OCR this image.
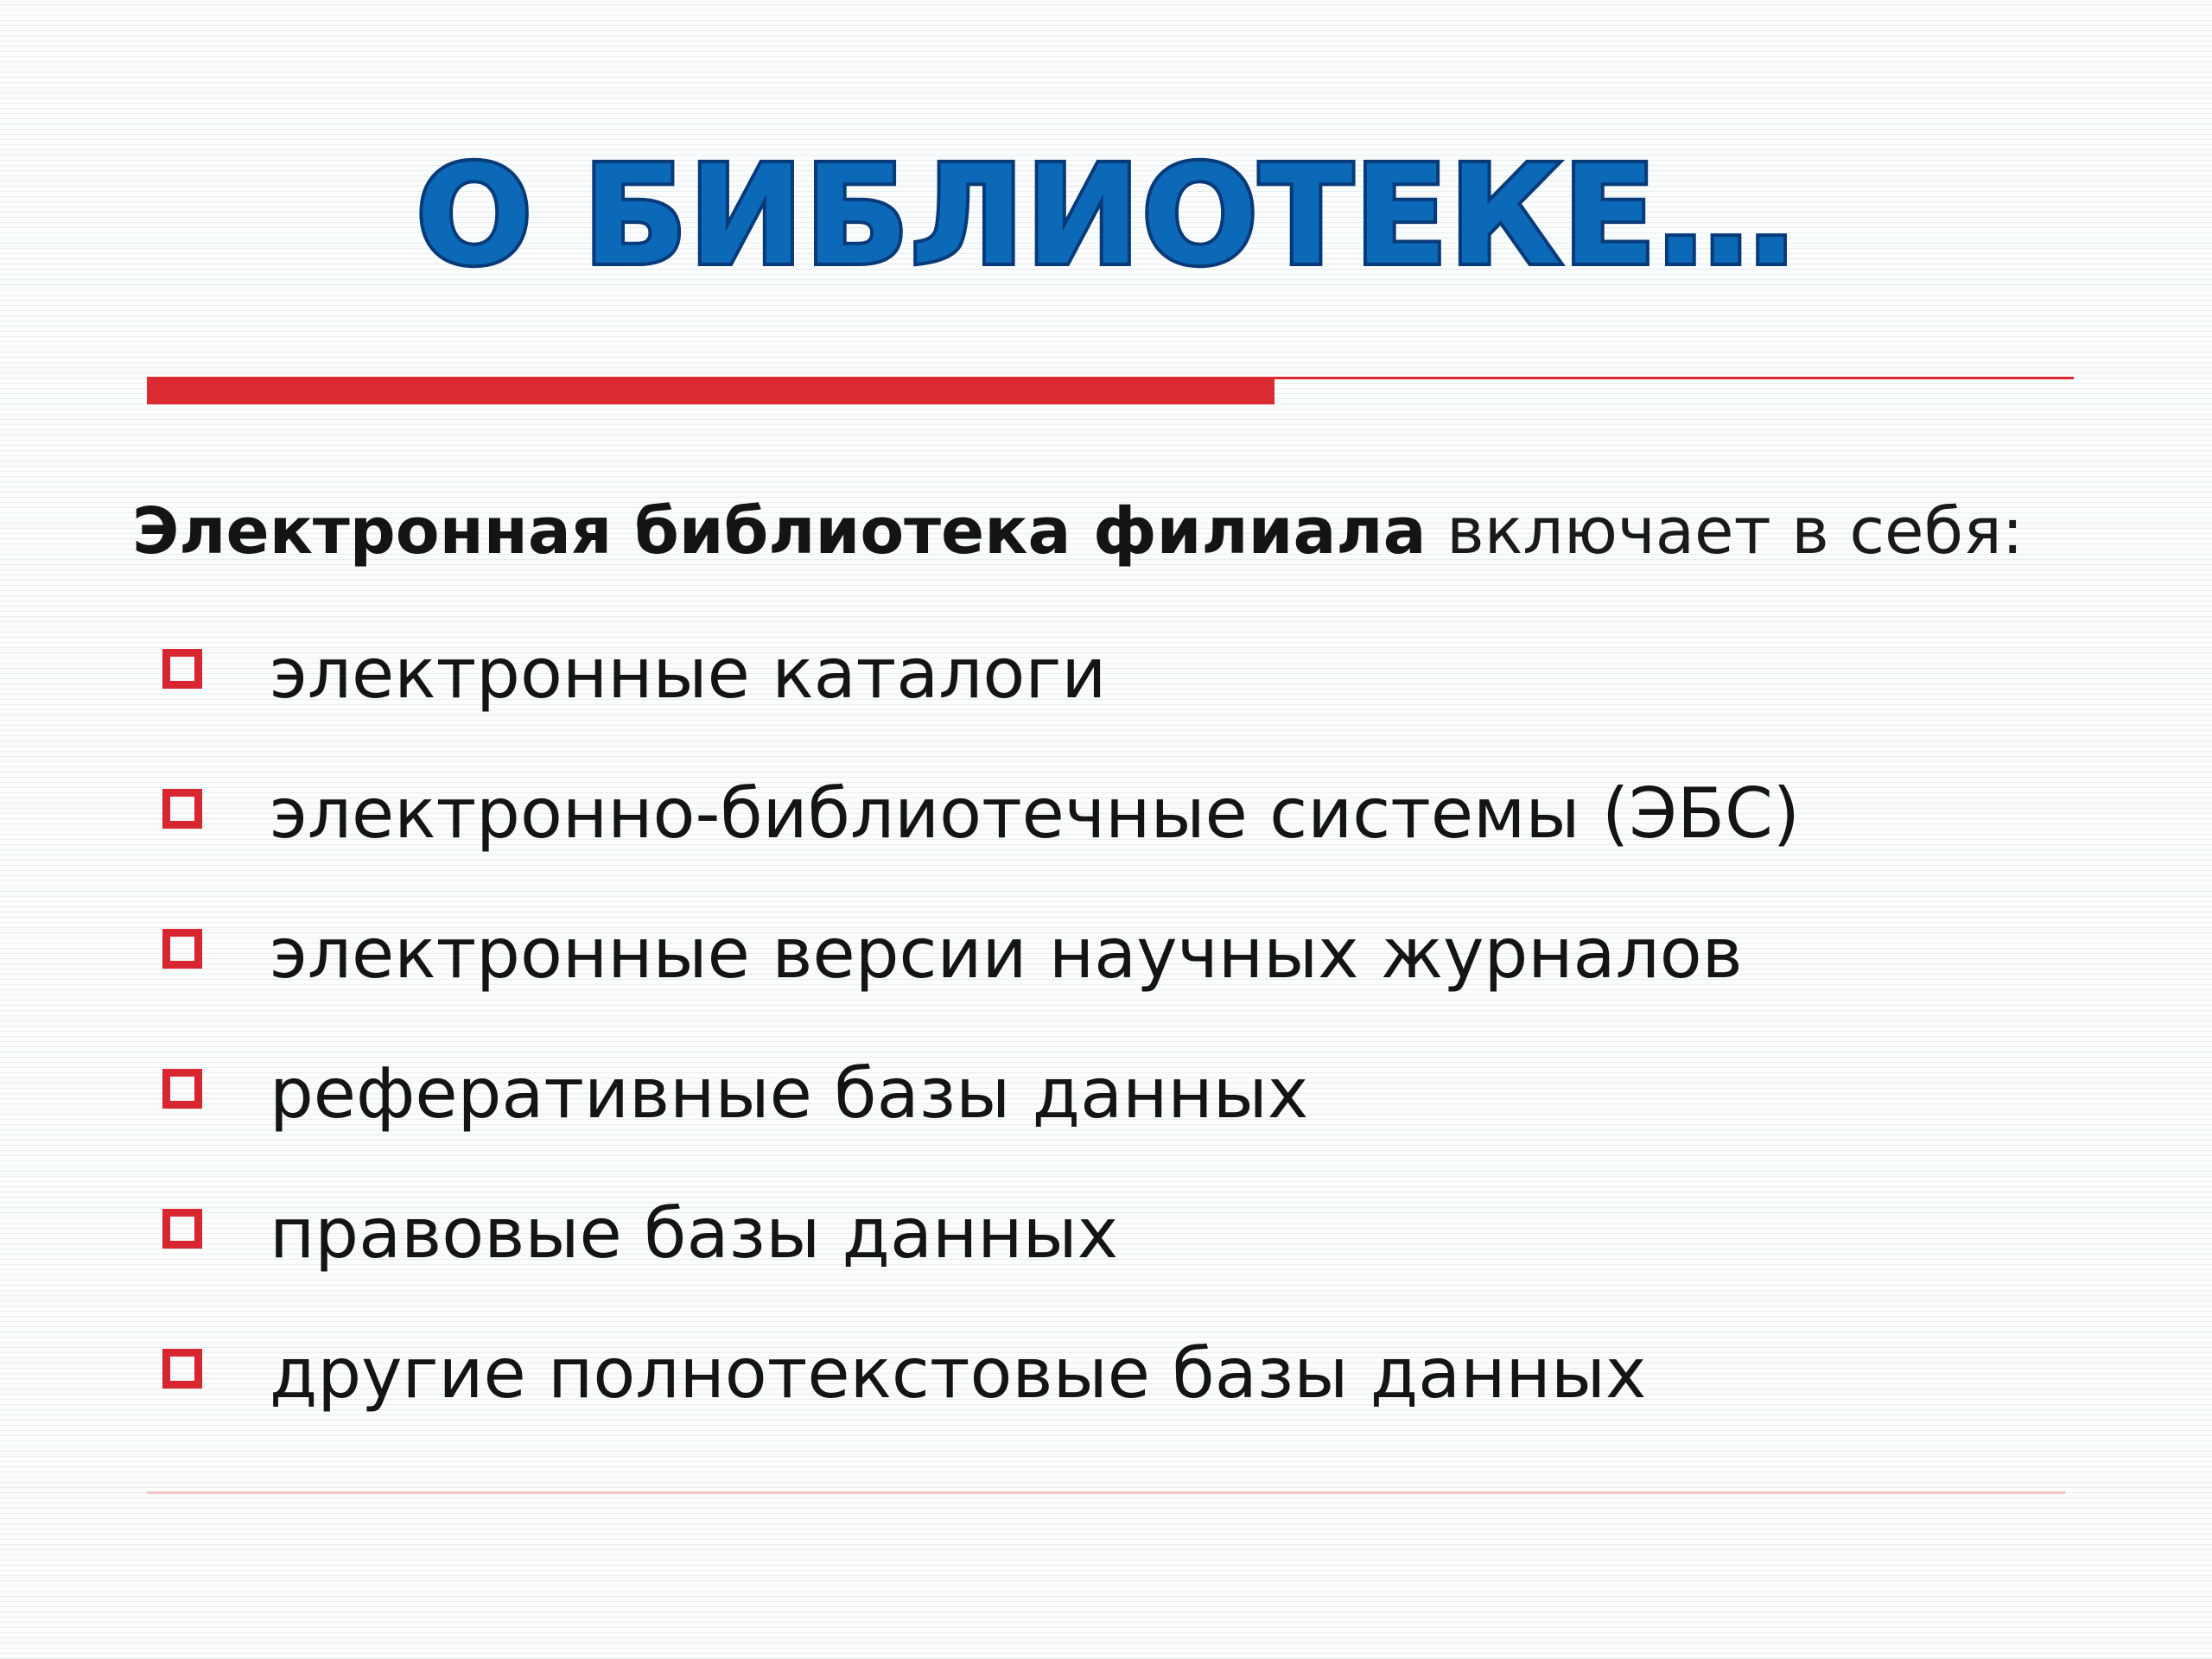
О БИБЛИОТЕКЕ…
Электронная библиотека филиала включает в себя:
электронные каталоги
электронно-библиотечные системы (ЭБС)
электронные версии научных журналов
реферативные базы данных
правовые базы данных
другие полнотекстовые базы данных
